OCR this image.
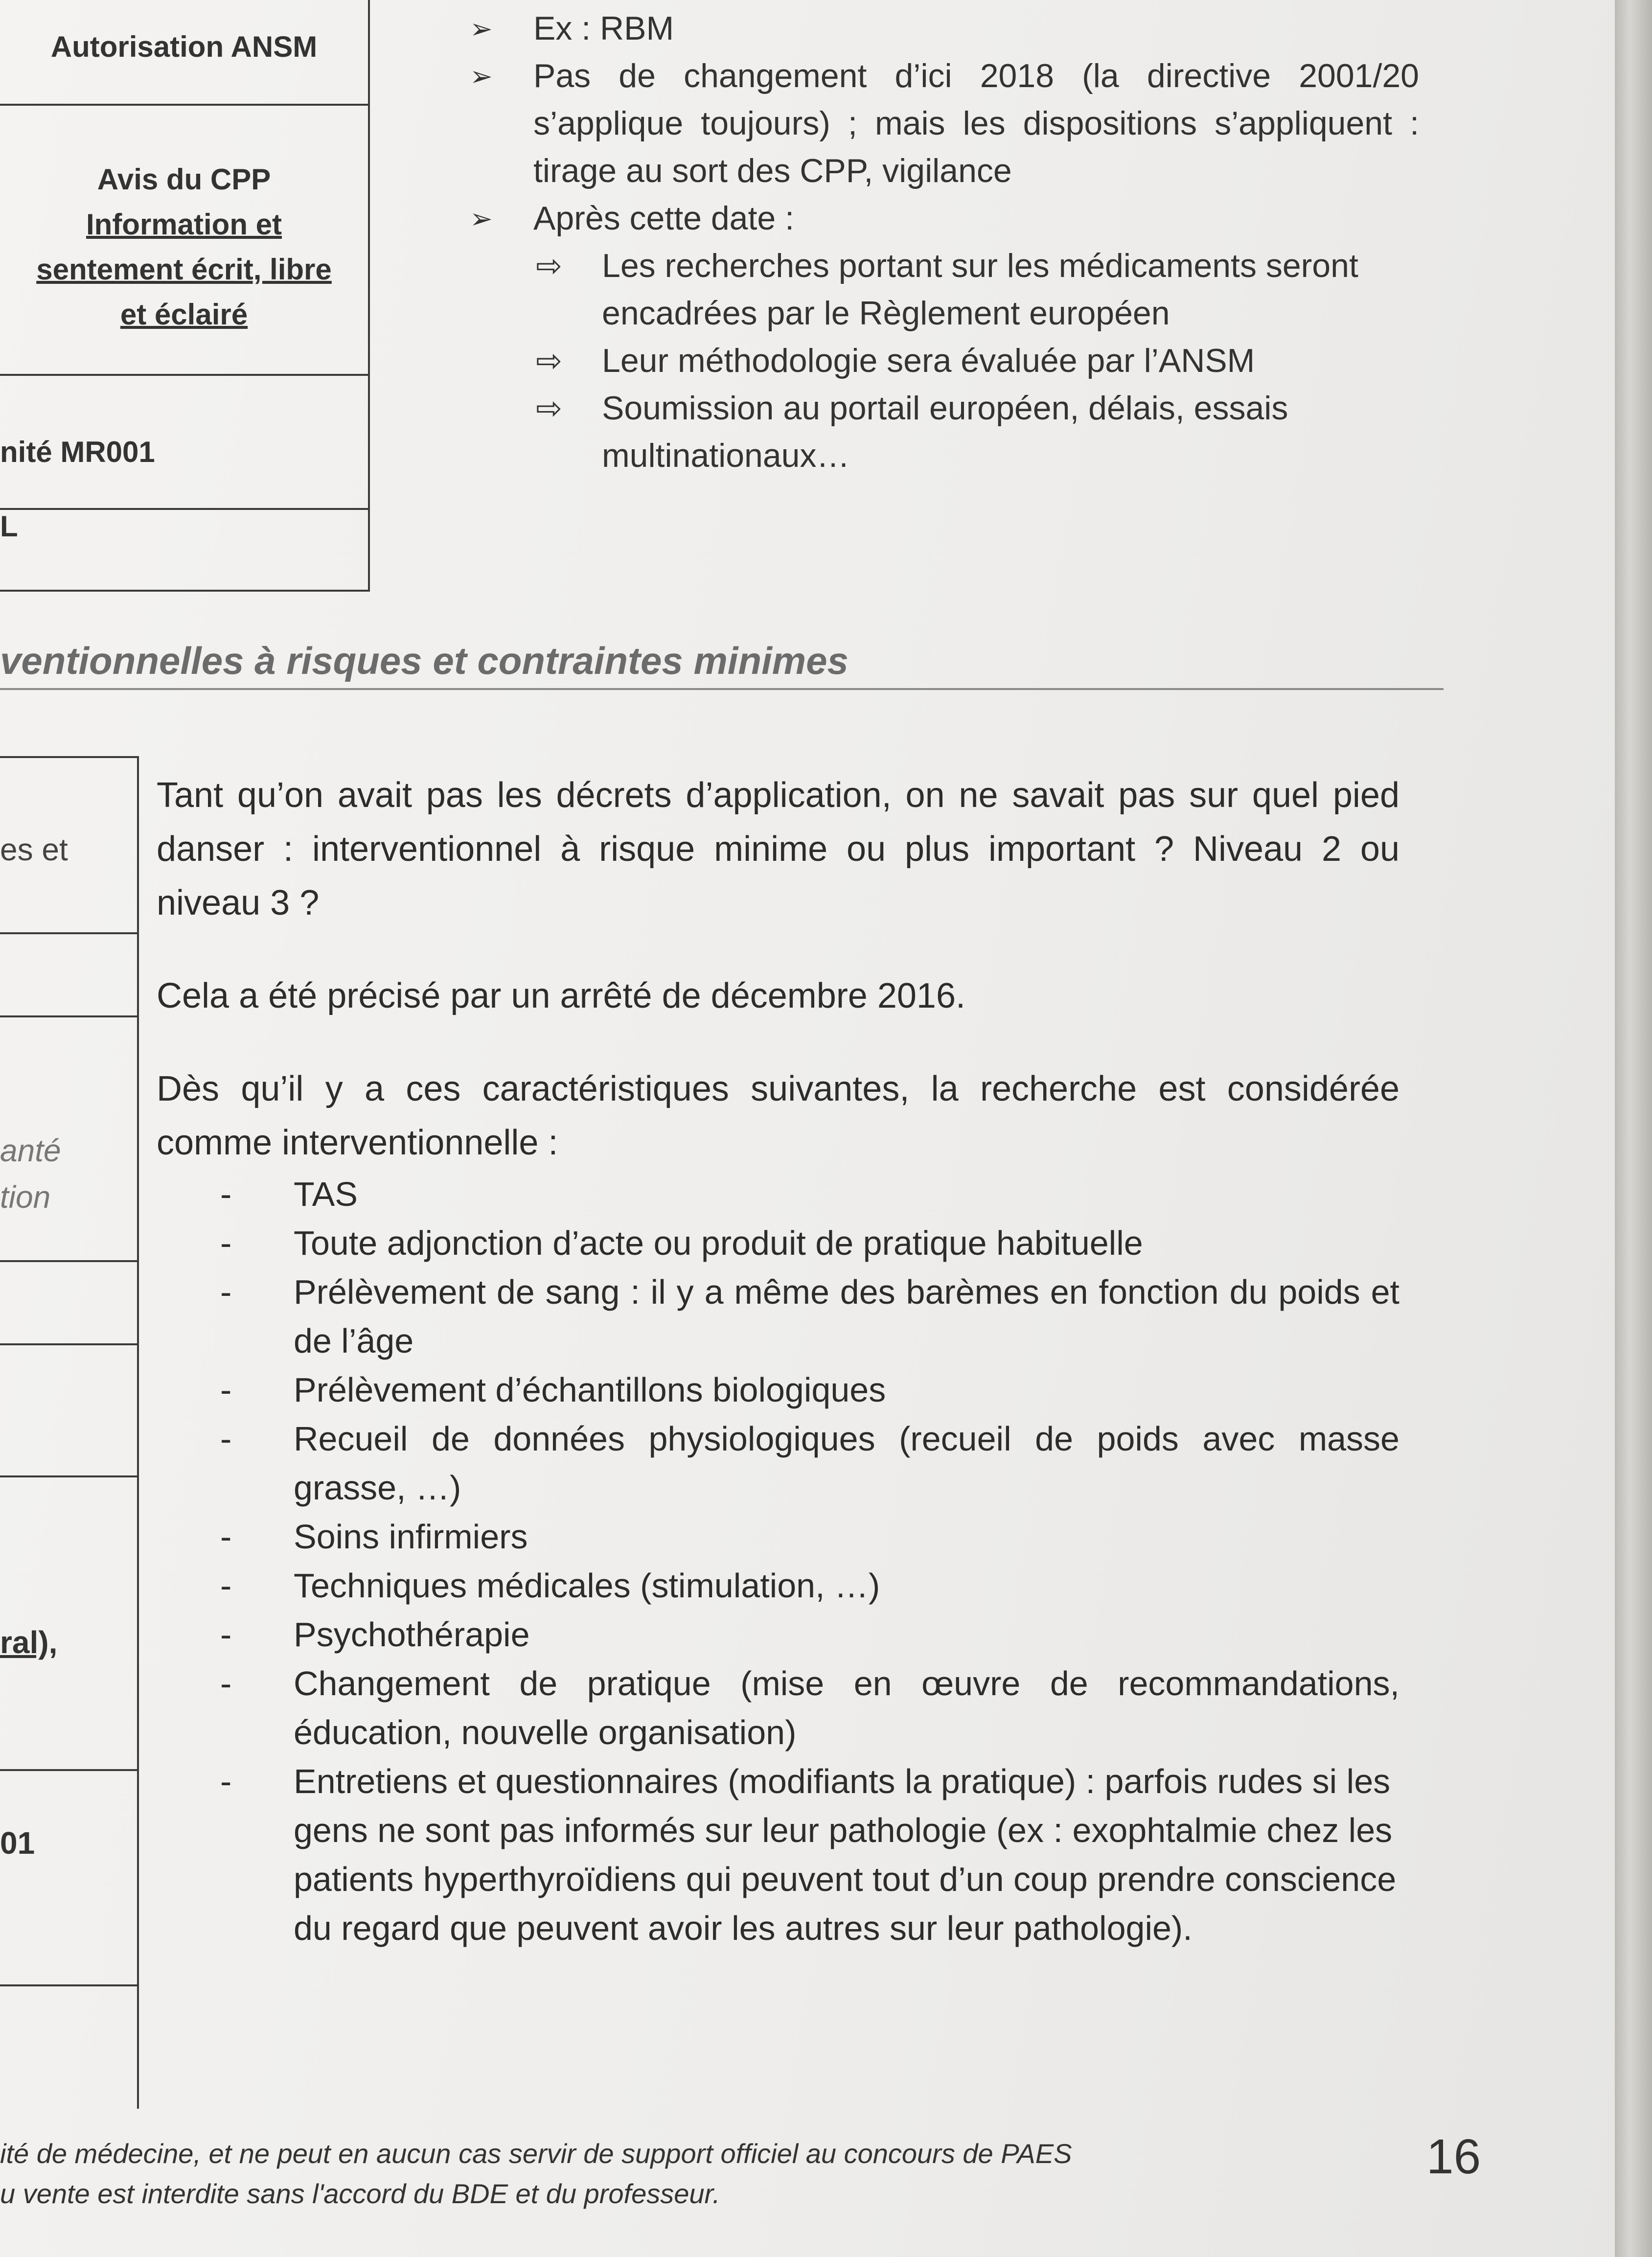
Autorisation ANSM
Avis du CPP
Information et
sentement écrit, libre
et éclairé
nité MR001
L
➢ Ex : RBM
➢ Pas de changement d’ici 2018 (la directive 2001/20 s’applique toujours) ; mais les dispositions s’appliquent : tirage au sort des CPP, vigilance
➢ Après cette date :
⇨ Les recherches portant sur les médicaments seront encadrées par le Règlement européen
⇨ Leur méthodologie sera évaluée par l’ANSM
⇨ Soumission au portail européen, délais, essais multinationaux…
ventionnelles à risques et contraintes minimes
es et
anté
tion
ral),
01

Tant qu’on avait pas les décrets d’application, on ne savait pas sur quel pied danser : interventionnel à risque minime ou plus important ? Niveau 2 ou niveau 3 ?

Cela a été précisé par un arrêté de décembre 2016.

Dès qu’il y a ces caractéristiques suivantes, la recherche est considérée comme interventionnelle :

- TAS
- Toute adjonction d’acte ou produit de pratique habituelle
- Prélèvement de sang : il y a même des barèmes en fonction du poids et de l’âge
- Prélèvement d’échantillons biologiques
- Recueil de données physiologiques (recueil de poids avec masse grasse, …)
- Soins infirmiers
- Techniques médicales (stimulation, …)
- Psychothérapie
- Changement de pratique (mise en œuvre de recommandations, éducation, nouvelle organisation)
- Entretiens et questionnaires (modifiants la pratique) : parfois rudes si les gens ne sont pas informés sur leur pathologie (ex : exophtalmie chez les patients hyperthyroïdiens qui peuvent tout d’un coup prendre conscience du regard que peuvent avoir les autres sur leur pathologie).
ité de médecine, et ne peut en aucun cas servir de support officiel au concours de PAES
u vente est interdite sans l'accord du BDE et du professeur.
16
